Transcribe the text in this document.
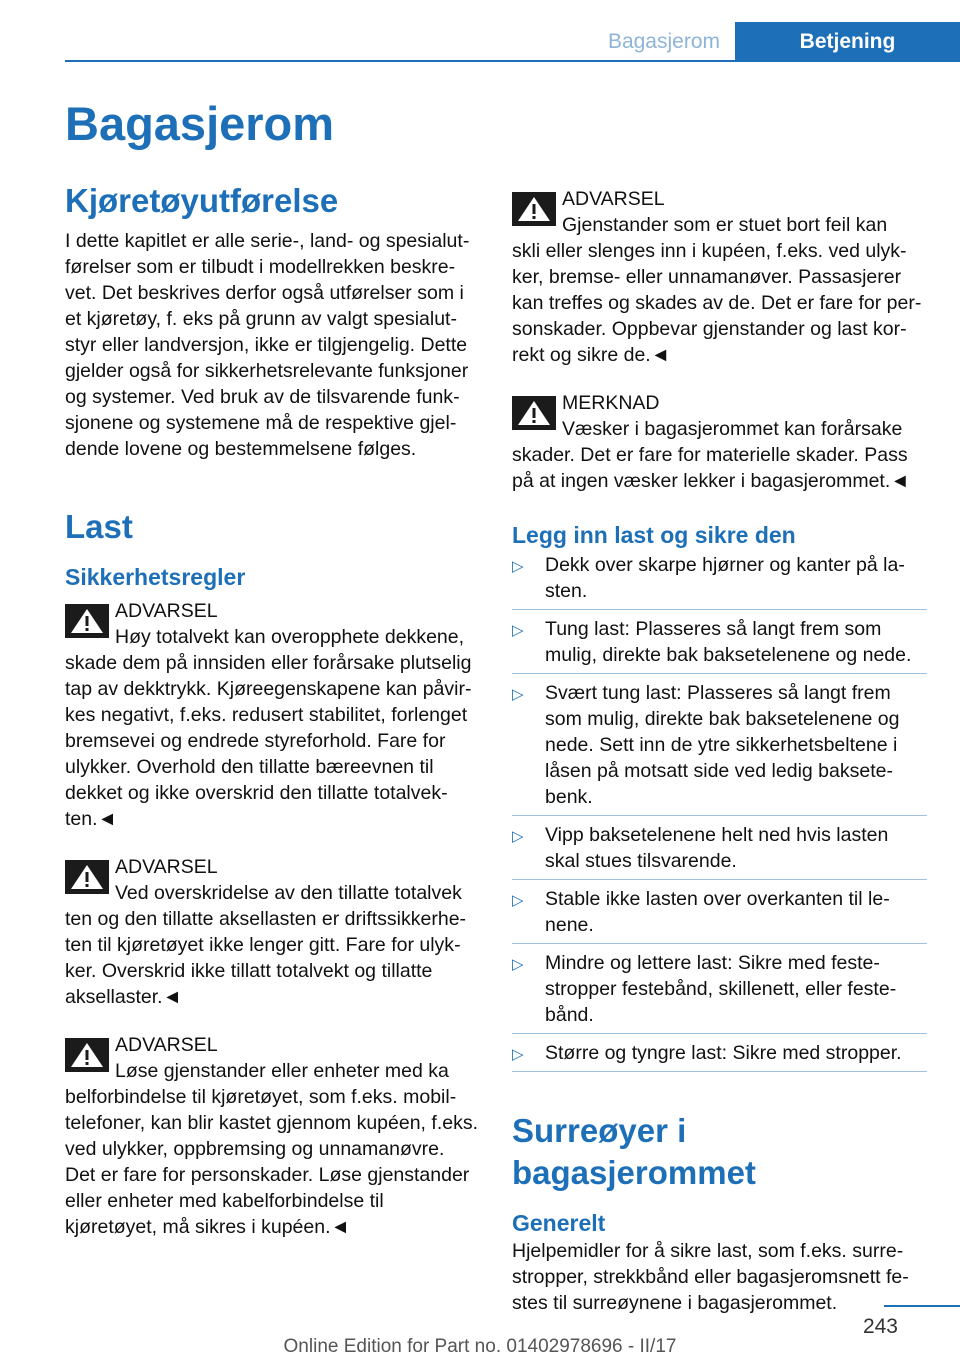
Bagasjerom	Betjening
Bagasjerom
Kjøretøyutførelse

I dette kapitlet er alle serie-, land- og spesialutførelser som er tilbudt i modellrekken beskrevet. Det beskrives derfor også utførelser som i et kjøretøy, f. eks på grunn av valgt spesialutstyr eller landversjon, ikke er tilgjengelig. Dette gjelder også for sikkerhetsrelevante funksjoner og systemer. Ved bruk av de tilsvarende funksjonene og systemene må de respektive gjeldende lovene og bestemmelsene følges.

Last
Sikkerhetsregler
ADVARSEL
Høy totalvekt kan overopphete dekkene,
skade dem på innsiden eller forårsake plutselig tap av dekktrykk. Kjøreegenskapene kan påvirkes negativt, f.eks. redusert stabilitet, forlenget bremsevei og endrede styreforhold. Fare for ulykker. Overhold den tillatte bæreevnen til dekket og ikke overskrid den tillatte totalvekten.◄
ADVARSEL
Ved overskridelse av den tillatte totalvek
ten og den tillatte aksellasten er driftssikkerheten til kjøretøyet ikke lenger gitt. Fare for ulykker. Overskrid ikke tillatt totalvekt og tillatte aksellaster.◄
ADVARSEL
Løse gjenstander eller enheter med ka
belforbindelse til kjøretøyet, som f.eks. mobiltelefoner, kan blir kastet gjennom kupéen, f.eks. ved ulykker, oppbremsing og unnamanøvre. Det er fare for personskader. Løse gjenstander eller enheter med kabelforbindelse til kjøretøyet, må sikres i kupéen.◄
ADVARSEL
Gjenstander som er stuet bort feil kan
skli eller slenges inn i kupéen, f.eks. ved ulykker, bremse- eller unnamanøver. Passasjerer kan treffes og skades av de. Det er fare for personskader. Oppbevar gjenstander og last korrekt og sikre de.◄
MERKNAD
Væsker i bagasjerommet kan forårsake
skader. Det er fare for materielle skader. Pass på at ingen væsker lekker i bagasjerommet.◄
Legg inn last og sikre den
▷ Dekk over skarpe hjørner og kanter på lasten.
▷ Tung last: Plasseres så langt frem som mulig, direkte bak baksetelenene og nede.
▷ Svært tung last: Plasseres så langt frem som mulig, direkte bak baksetelenene og nede. Sett inn de ytre sikkerhetsbeltene i låsen på motsatt side ved ledig baksetebenk.
▷ Vipp baksetelenene helt ned hvis lasten skal stues tilsvarende.
▷ Stable ikke lasten over overkanten til lenene.
▷ Mindre og lettere last: Sikre med festestropper festebånd, skillenett, eller festebånd.
▷ Større og tyngre last: Sikre med stropper.
Surreøyer i bagasjerommet
Generelt

Hjelpemidler for å sikre last, som f.eks. surrestropper, strekkbånd eller bagasjeromsnett festes til surreøynene i bagasjerommet.

243
Online Edition for Part no. 01402978696 - II/17
